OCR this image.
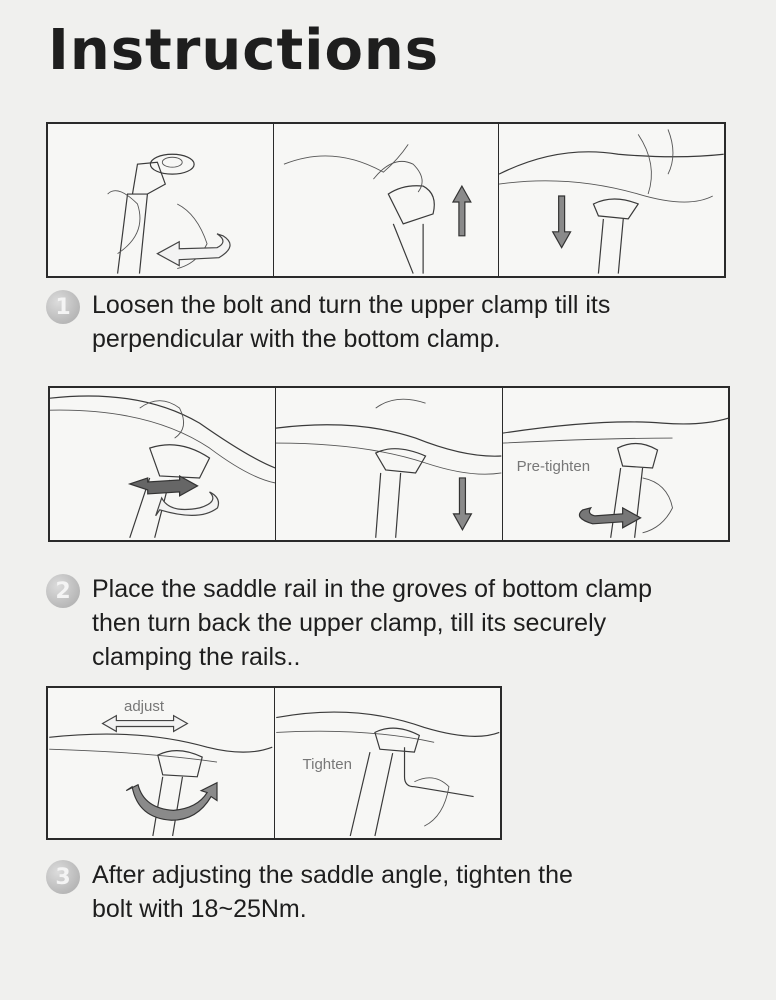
Instructions
1 Loosen the bolt and turn the upper clamp till its
perpendicular with the bottom clamp.
Pre-tighten
2 Place the saddle rail in the groves of bottom clamp
then turn back the upper clamp, till its securely
clamping the rails..
adjust
Tighten
3 After adjusting the saddle angle, tighten the
bolt with 18~25Nm.
